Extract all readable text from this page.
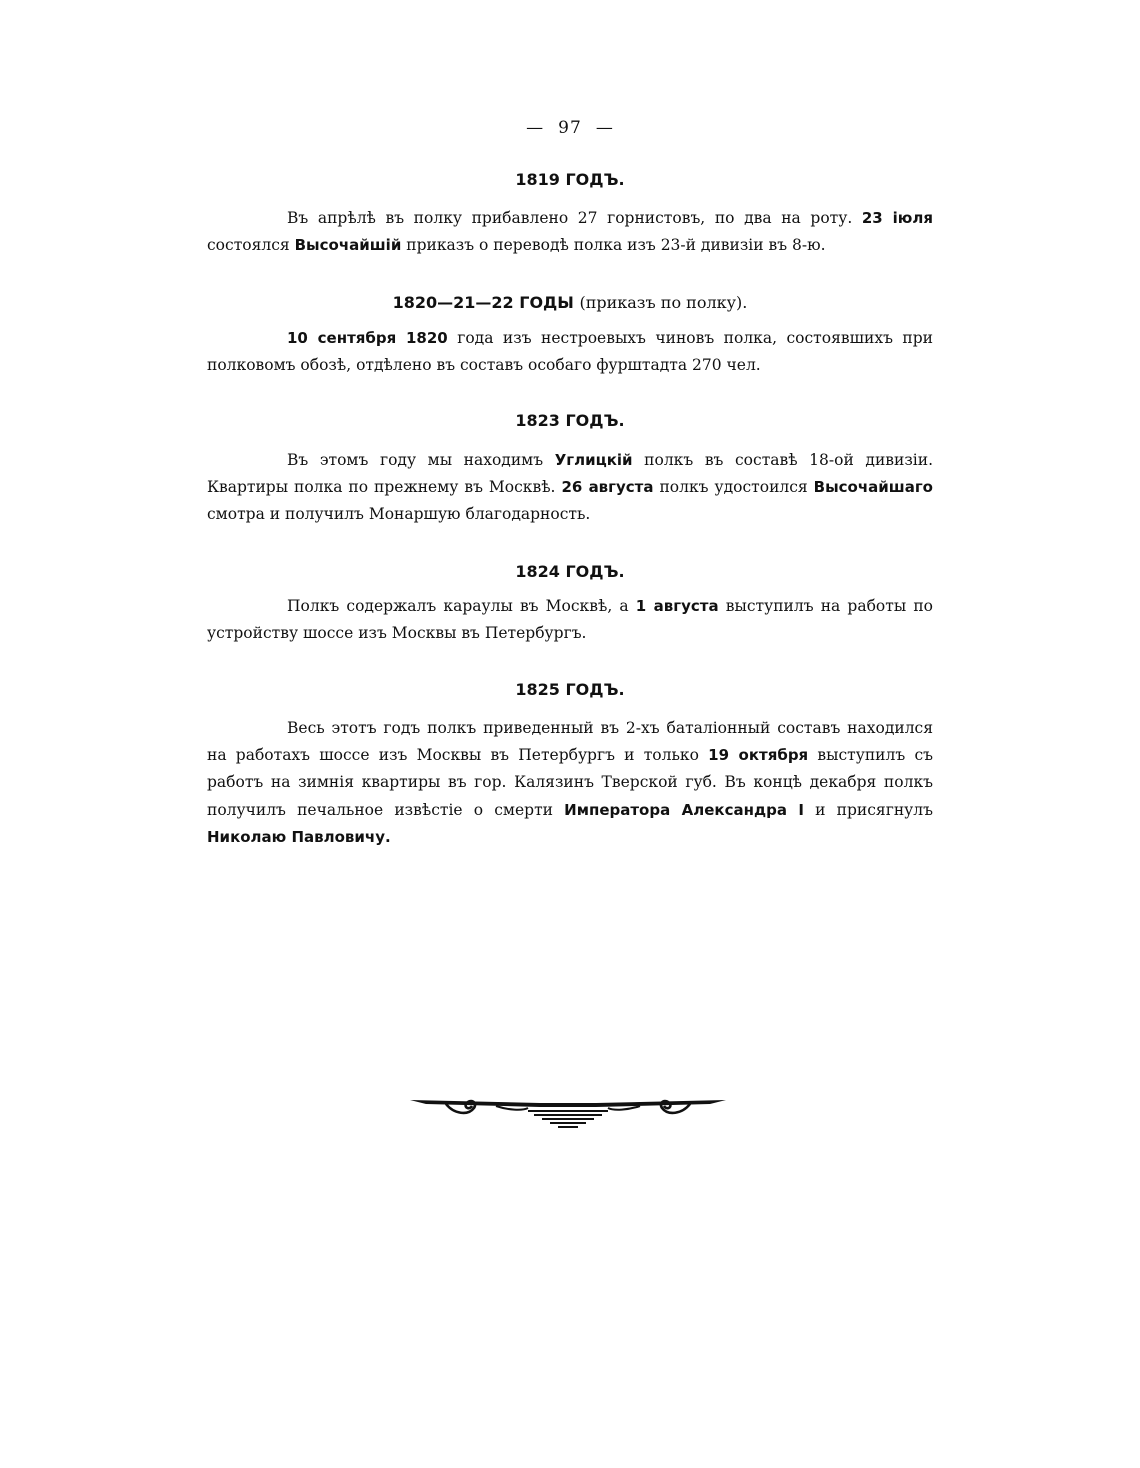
— 97 —
1819 ГОДЪ.

Въ апрѣлѣ въ полку прибавлено 27 горнистовъ, по два на роту. 23 іюля состоялся Высочайшій приказъ о переводѣ полка изъ 23-й дивизіи въ 8-ю.

1820—21—22 ГОДЫ (приказъ по полку).

10 сентября 1820 года изъ нестроевыхъ чиновъ полка, состоявшихъ при полковомъ обозѣ, отдѣлено въ составъ особаго фурштадта 270 чел.

1823 ГОДЪ.

Въ этомъ году мы находимъ Углицкій полкъ въ составѣ 18-ой дивизіи. Квартиры полка по прежнему въ Москвѣ. 26 августа полкъ удостоился Высочайшаго смотра и получилъ Монаршую благодарность.

1824 ГОДЪ.

Полкъ содержалъ караулы въ Москвѣ, а 1 августа выступилъ на работы по устройству шоссе изъ Москвы въ Петербургъ.

1825 ГОДЪ.

Весь этотъ годъ полкъ приведенный въ 2-хъ баталіонный составъ находился на работахъ шоссе изъ Москвы въ Петербургъ и только 19 октября выступилъ съ работъ на зимнія квартиры въ гор. Калязинъ Тверской губ. Въ концѣ декабря полкъ получилъ печальное извѣстіе о смерти Императора Александра I и присягнулъ Николаю Павловичу.
